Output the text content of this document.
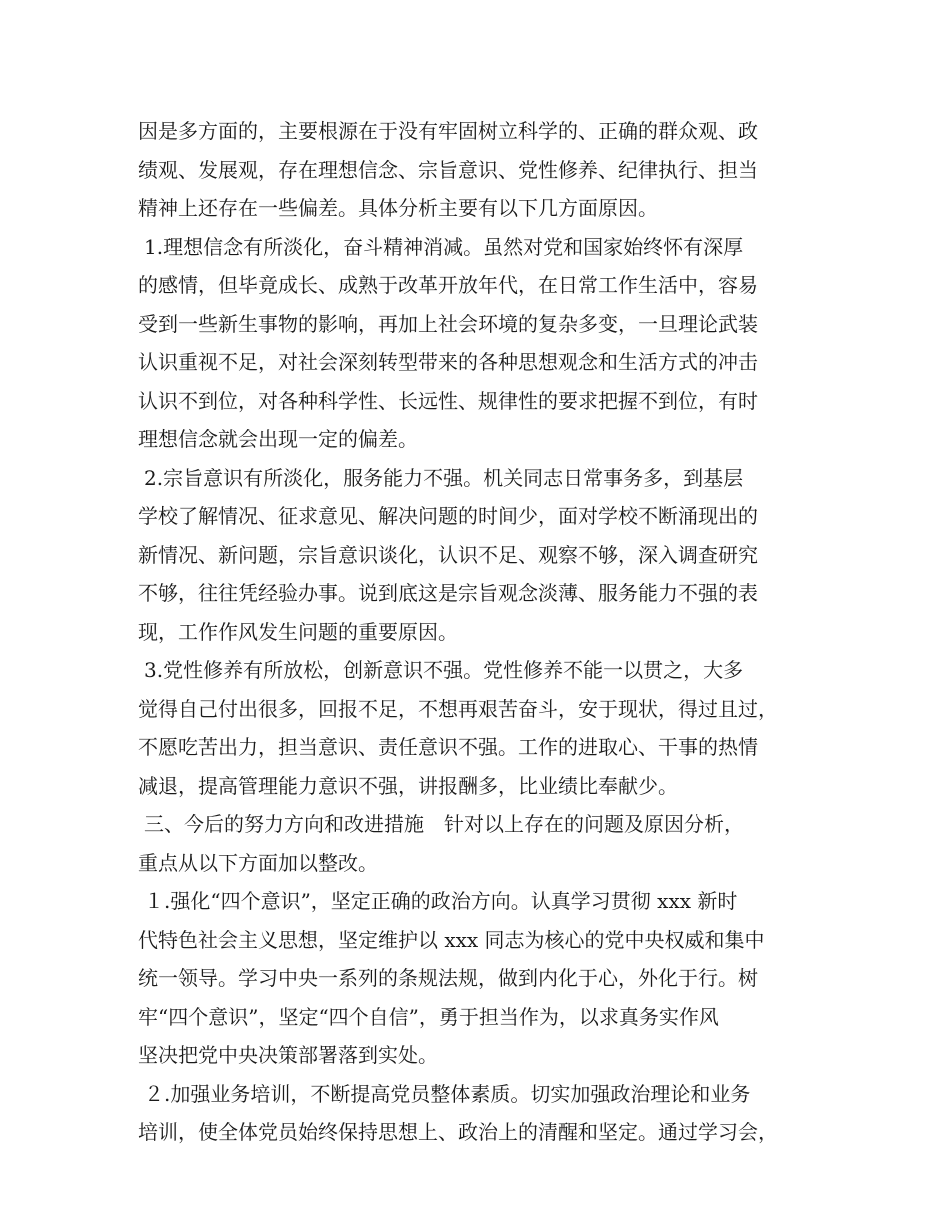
因是多方面的，主要根源在于没有牢固树立科学的、正确的群众观、政
绩观、发展观，存在理想信念、宗旨意识、党性修养、纪律执行、担当
精神上还存在一些偏差。具体分析主要有以下几方面原因。
1.理想信念有所淡化，奋斗精神消减。虽然对党和国家始终怀有深厚
的感情，但毕竟成长、成熟于改革开放年代，在日常工作生活中，容易
受到一些新生事物的影响，再加上社会环境的复杂多变，一旦理论武装
认识重视不足，对社会深刻转型带来的各种思想观念和生活方式的冲击
认识不到位，对各种科学性、长远性、规律性的要求把握不到位，有时
理想信念就会出现一定的偏差。
2.宗旨意识有所淡化，服务能力不强。机关同志日常事务多，到基层
学校了解情况、征求意见、解决问题的时间少，面对学校不断涌现出的
新情况、新问题，宗旨意识谈化，认识不足、观察不够，深入调查研究
不够，往往凭经验办事。说到底这是宗旨观念淡薄、服务能力不强的表
现，工作作风发生问题的重要原因。
3.党性修养有所放松，创新意识不强。党性修养不能一以贯之，大多
觉得自己付出很多，回报不足，不想再艰苦奋斗，安于现状，得过且过，
不愿吃苦出力，担当意识、责任意识不强。工作的进取心、干事的热情
减退，提高管理能力意识不强，讲报酬多，比业绩比奉献少。
三、今后的努力方向和改进措施　针对以上存在的问题及原因分析，
重点从以下方面加以整改。
１.强化“四个意识”，坚定正确的政治方向。认真学习贯彻 xxx 新时
代特色社会主义思想，坚定维护以 xxx 同志为核心的党中央权威和集中
统一领导。学习中央一系列的条规法规，做到内化于心，外化于行。树
牢“四个意识”，坚定“四个自信”，勇于担当作为，以求真务实作风
坚决把党中央决策部署落到实处。
２.加强业务培训，不断提高党员整体素质。切实加强政治理论和业务
培训，使全体党员始终保持思想上、政治上的清醒和坚定。通过学习会，
